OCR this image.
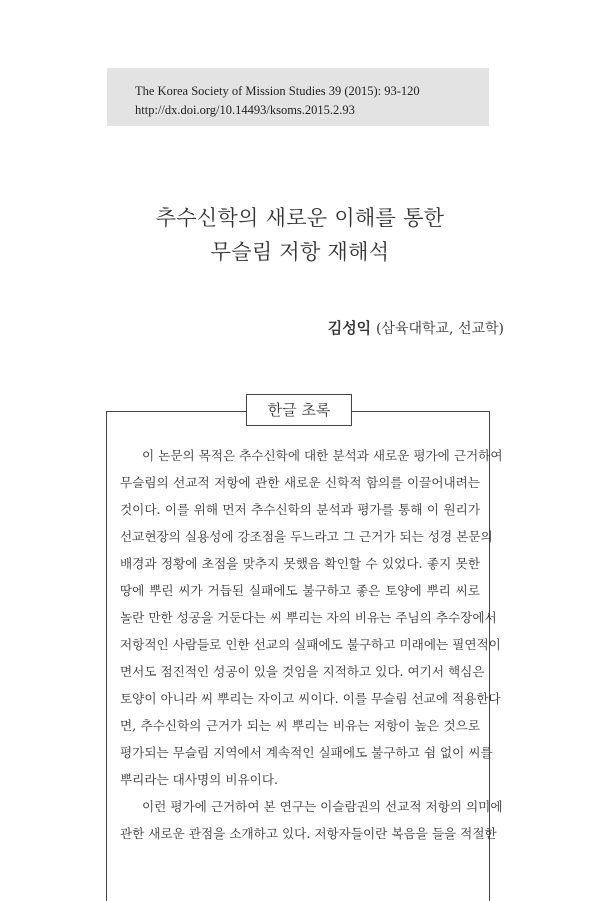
The Korea Society of Mission Studies 39 (2015): 93-120
http://dx.doi.org/10.14493/ksoms.2015.2.93
추수신학의 새로운 이해를 통한
무슬림 저항 재해석
김성익 (삼육대학교, 선교학)
한글 초록
이 논문의 목적은 추수신학에 대한 분석과 새로운 평가에 근거하여
무슬림의 선교적 저항에 관한 새로운 신학적 함의를 이끌어내려는
것이다. 이를 위해 먼저 추수신학의 분석과 평가를 통해 이 원리가
선교현장의 실용성에 강조점을 두느라고 그 근거가 되는 성경 본문의
배경과 정황에 초점을 맞추지 못했음 확인할 수 있었다. 좋지 못한
땅에 뿌린 씨가 거듭된 실패에도 불구하고 좋은 토양에 뿌리 씨로
놀란 만한 성공을 거둔다는 씨 뿌리는 자의 비유는 주님의 추수장에서
저항적인 사람들로 인한 선교의 실패에도 불구하고 미래에는 필연적이
면서도 점진적인 성공이 있을 것임을 지적하고 있다. 여기서 핵심은
토양이 아니라 씨 뿌리는 자이고 씨이다. 이를 무슬림 선교에 적용한다
면, 추수신학의 근거가 되는 씨 뿌리는 비유는 저항이 높은 것으로
평가되는 무슬림 지역에서 계속적인 실패에도 불구하고 쉼 없이 씨를
뿌리라는 대사명의 비유이다.
이런 평가에 근거하여 본 연구는 이슬람권의 선교적 저항의 의미에
관한 새로운 관점을 소개하고 있다. 저항자들이란 복음을 들을 적절한
